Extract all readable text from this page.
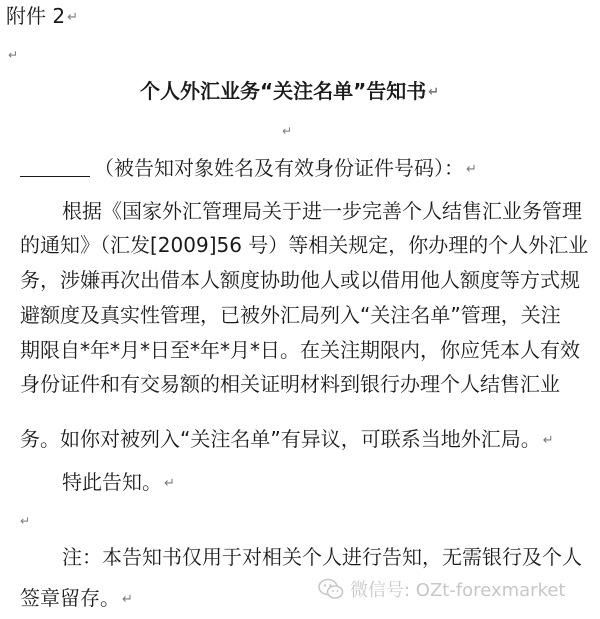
附件 2 ↵
↵
个人外汇业务“关注名单”告知书 ↵
↵
（被告知对象姓名及有效身份证件号码）： ↵
根据《国家外汇管理局关于进一步完善个人结售汇业务管理
的通知》（汇发[2009]56 号）等相关规定，你办理的个人外汇业
务，涉嫌再次出借本人额度协助他人或以借用他人额度等方式规
避额度及真实性管理，已被外汇局列入“关注名单”管理，关注
期限自*年*月*日至*年*月*日。在关注期限内，你应凭本人有效
身份证件和有交易额的相关证明材料到银行办理个人结售汇业
务。如你对被列入“关注名单”有异议，可联系当地外汇局。 ↵
特此告知。 ↵
↵
注：本告知书仅用于对相关个人进行告知，无需银行及个人
签章留存。 ↵	微信号: OZt-forexmarket
